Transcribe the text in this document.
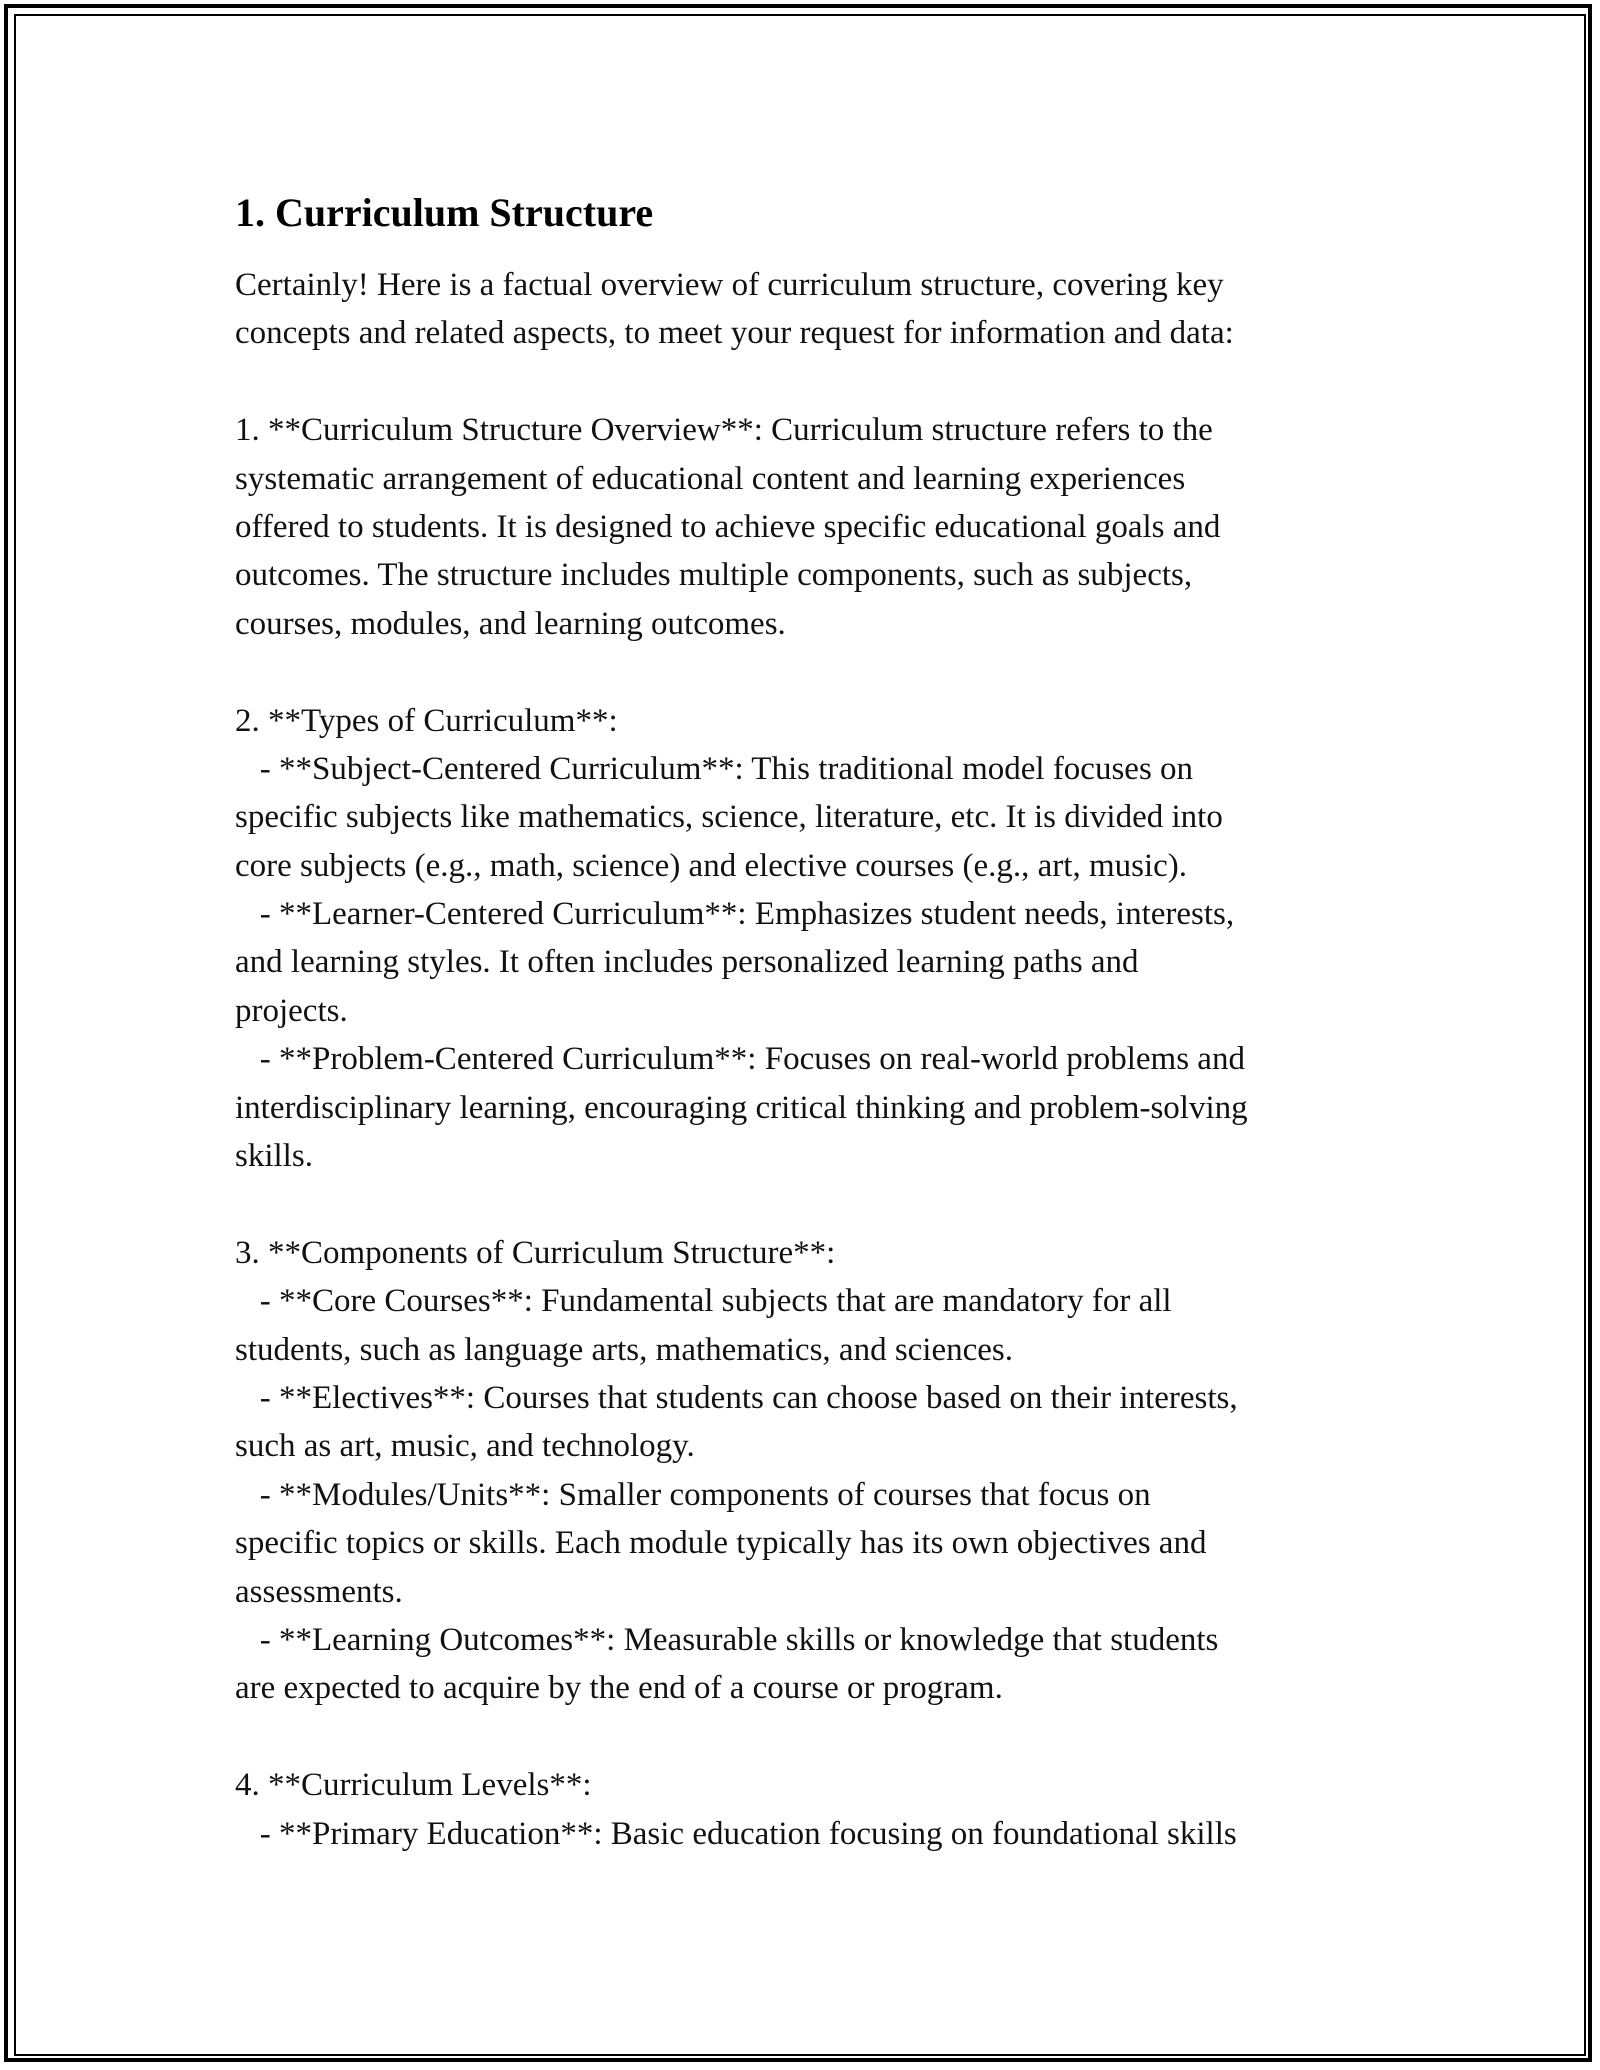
1. Curriculum Structure
Certainly! Here is a factual overview of curriculum structure, covering key
concepts and related aspects, to meet your request for information and data:
1. **Curriculum Structure Overview**: Curriculum structure refers to the
systematic arrangement of educational content and learning experiences
offered to students. It is designed to achieve specific educational goals and
outcomes. The structure includes multiple components, such as subjects,
courses, modules, and learning outcomes.
2. **Types of Curriculum**:
- **Subject-Centered Curriculum**: This traditional model focuses on
specific subjects like mathematics, science, literature, etc. It is divided into
core subjects (e.g., math, science) and elective courses (e.g., art, music).
- **Learner-Centered Curriculum**: Emphasizes student needs, interests,
and learning styles. It often includes personalized learning paths and
projects.
- **Problem-Centered Curriculum**: Focuses on real-world problems and
interdisciplinary learning, encouraging critical thinking and problem-solving
skills.
3. **Components of Curriculum Structure**:
- **Core Courses**: Fundamental subjects that are mandatory for all
students, such as language arts, mathematics, and sciences.
- **Electives**: Courses that students can choose based on their interests,
such as art, music, and technology.
- **Modules/Units**: Smaller components of courses that focus on
specific topics or skills. Each module typically has its own objectives and
assessments.
- **Learning Outcomes**: Measurable skills or knowledge that students
are expected to acquire by the end of a course or program.
4. **Curriculum Levels**:
- **Primary Education**: Basic education focusing on foundational skills
